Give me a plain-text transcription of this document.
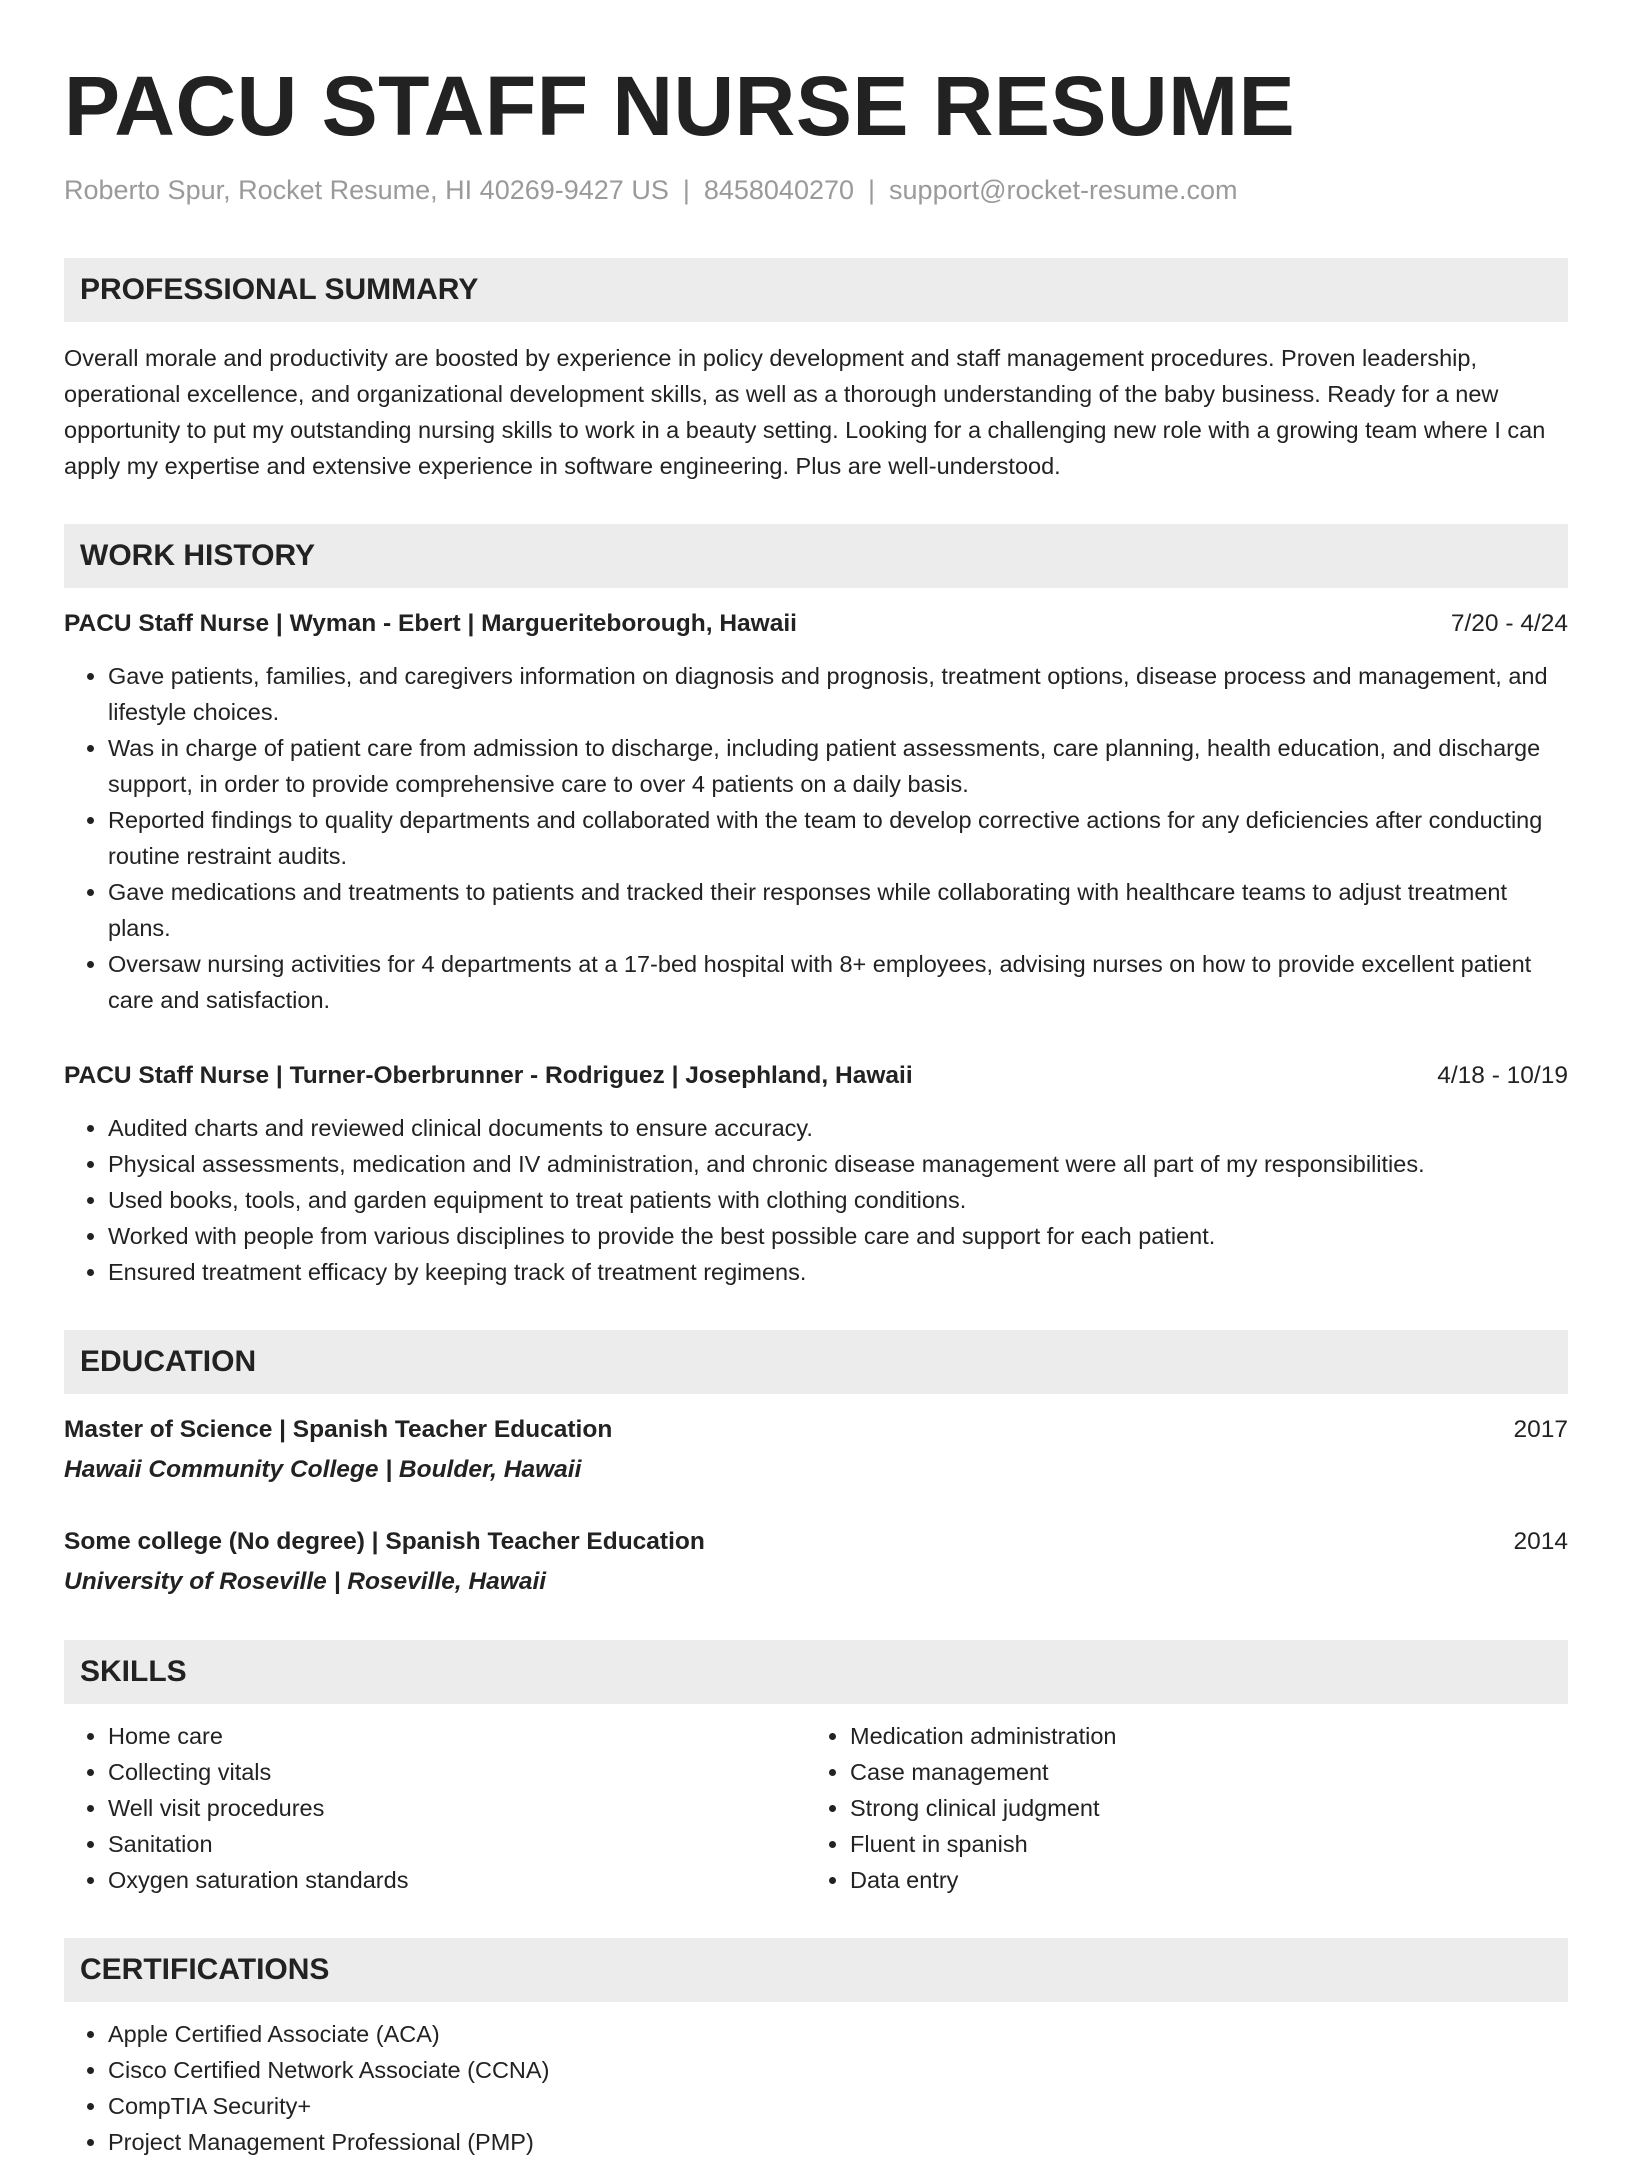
PACU STAFF NURSE RESUME
Roberto Spur, Rocket Resume, HI 40269-9427 US | 8458040270 | support@rocket-resume.com
PROFESSIONAL SUMMARY

Overall morale and productivity are boosted by experience in policy development and staff management procedures. Proven leadership, operational excellence, and organizational development skills, as well as a thorough understanding of the baby business. Ready for a new opportunity to put my outstanding nursing skills to work in a beauty setting. Looking for a challenging new role with a growing team where I can apply my expertise and extensive experience in software engineering. Plus are well-understood.

WORK HISTORY
PACU Staff Nurse | Wyman - Ebert | Margueriteborough, Hawaii	7/20 - 4/24
• Gave patients, families, and caregivers information on diagnosis and prognosis, treatment options, disease process and management, and lifestyle choices.
• Was in charge of patient care from admission to discharge, including patient assessments, care planning, health education, and discharge support, in order to provide comprehensive care to over 4 patients on a daily basis.
• Reported findings to quality departments and collaborated with the team to develop corrective actions for any deficiencies after conducting routine restraint audits.
• Gave medications and treatments to patients and tracked their responses while collaborating with healthcare teams to adjust treatment plans.
• Oversaw nursing activities for 4 departments at a 17-bed hospital with 8+ employees, advising nurses on how to provide excellent patient care and satisfaction.
PACU Staff Nurse | Turner-Oberbrunner - Rodriguez | Josephland, Hawaii	4/18 - 10/19
• Audited charts and reviewed clinical documents to ensure accuracy.
• Physical assessments, medication and IV administration, and chronic disease management were all part of my responsibilities.
• Used books, tools, and garden equipment to treat patients with clothing conditions.
• Worked with people from various disciplines to provide the best possible care and support for each patient.
• Ensured treatment efficacy by keeping track of treatment regimens.
EDUCATION
Master of Science | Spanish Teacher Education	2017
Hawaii Community College | Boulder, Hawaii
Some college (No degree) | Spanish Teacher Education	2014
University of Roseville | Roseville, Hawaii
SKILLS
• Home care
• Collecting vitals
• Well visit procedures
• Sanitation
• Oxygen saturation standards
• Medication administration
• Case management
• Strong clinical judgment
• Fluent in spanish
• Data entry
CERTIFICATIONS
• Apple Certified Associate (ACA)
• Cisco Certified Network Associate (CCNA)
• CompTIA Security+
• Project Management Professional (PMP)
